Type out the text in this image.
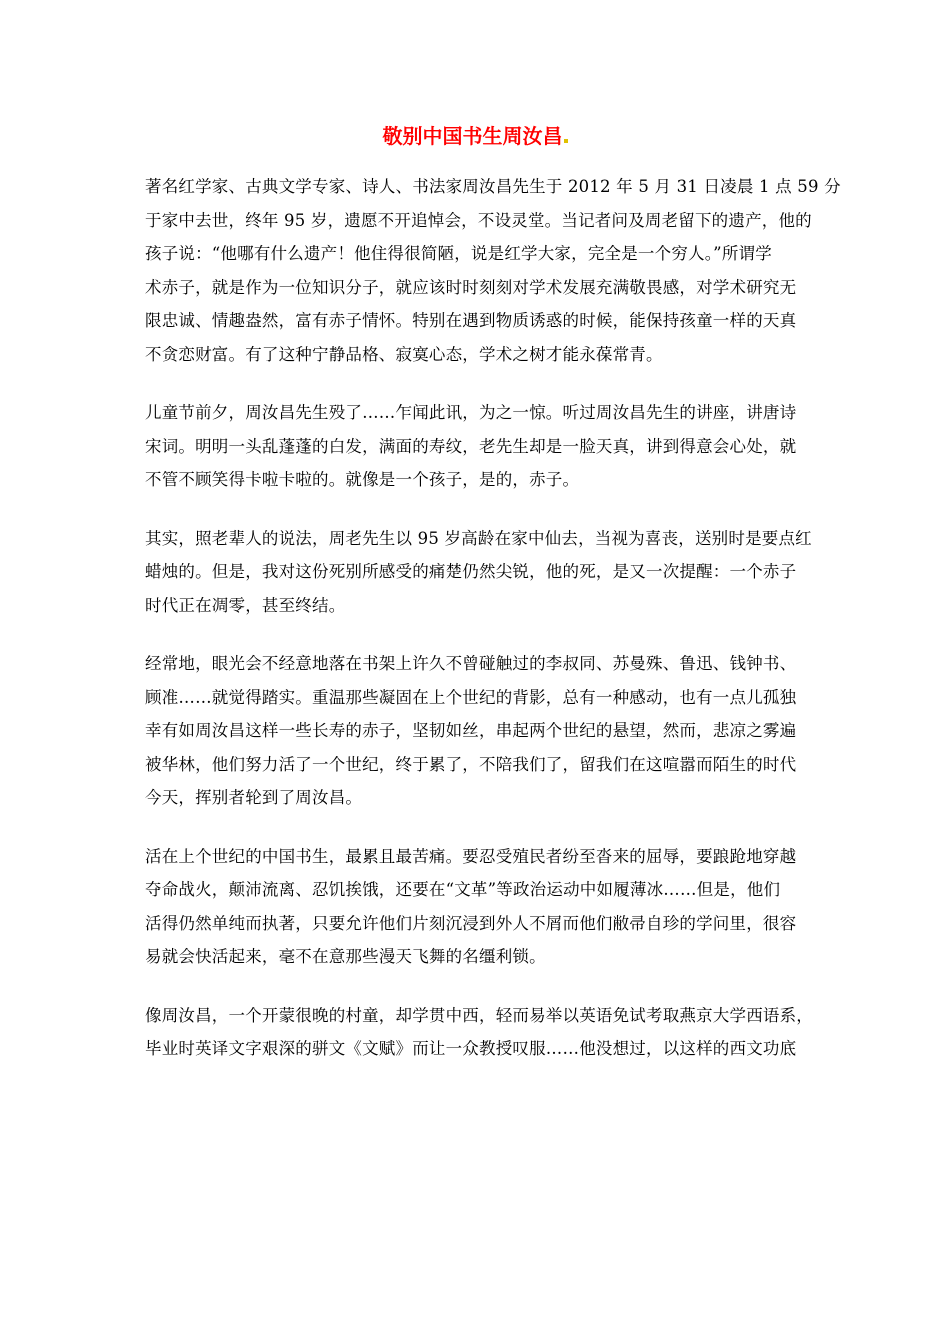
敬别中国书生周汝昌

著名红学家、古典文学专家、诗人、书法家周汝昌先生于 2012 年 5 月 31 日凌晨 1 点 59 分
于家中去世，终年 95 岁，遗愿不开追悼会，不设灵堂。当记者问及周老留下的遗产，他的
孩子说：“他哪有什么遗产！他住得很简陋，说是红学大家，完全是一个穷人。”所谓学
术赤子，就是作为一位知识分子，就应该时时刻刻对学术发展充满敬畏感，对学术研究无
限忠诚、情趣盎然，富有赤子情怀。特别在遇到物质诱惑的时候，能保持孩童一样的天真
不贪恋财富。有了这种宁静品格、寂寞心态，学术之树才能永葆常青。

儿童节前夕，周汝昌先生殁了……乍闻此讯，为之一惊。听过周汝昌先生的讲座，讲唐诗
宋词。明明一头乱蓬蓬的白发，满面的寿纹，老先生却是一脸天真，讲到得意会心处，就
不管不顾笑得卡啦卡啦的。就像是一个孩子，是的，赤子。

其实，照老辈人的说法，周老先生以 95 岁高龄在家中仙去，当视为喜丧，送别时是要点红
蜡烛的。但是，我对这份死别所感受的痛楚仍然尖锐，他的死，是又一次提醒：一个赤子
时代正在凋零，甚至终结。

经常地，眼光会不经意地落在书架上许久不曾碰触过的李叔同、苏曼殊、鲁迅、钱钟书、
顾准……就觉得踏实。重温那些凝固在上个世纪的背影，总有一种感动，也有一点儿孤独
幸有如周汝昌这样一些长寿的赤子，坚韧如丝，串起两个世纪的悬望，然而，悲凉之雾遍
被华林，他们努力活了一个世纪，终于累了，不陪我们了，留我们在这喧嚣而陌生的时代
今天，挥别者轮到了周汝昌。

活在上个世纪的中国书生，最累且最苦痛。要忍受殖民者纷至沓来的屈辱，要踉跄地穿越
夺命战火，颠沛流离、忍饥挨饿，还要在“文革”等政治运动中如履薄冰……但是，他们
活得仍然单纯而执著，只要允许他们片刻沉浸到外人不屑而他们敝帚自珍的学问里，很容
易就会快活起来，毫不在意那些漫天飞舞的名缰利锁。

像周汝昌，一个开蒙很晚的村童，却学贯中西，轻而易举以英语免试考取燕京大学西语系，
毕业时英译文字艰深的骈文《文赋》而让一众教授叹服……他没想过，以这样的西文功底
